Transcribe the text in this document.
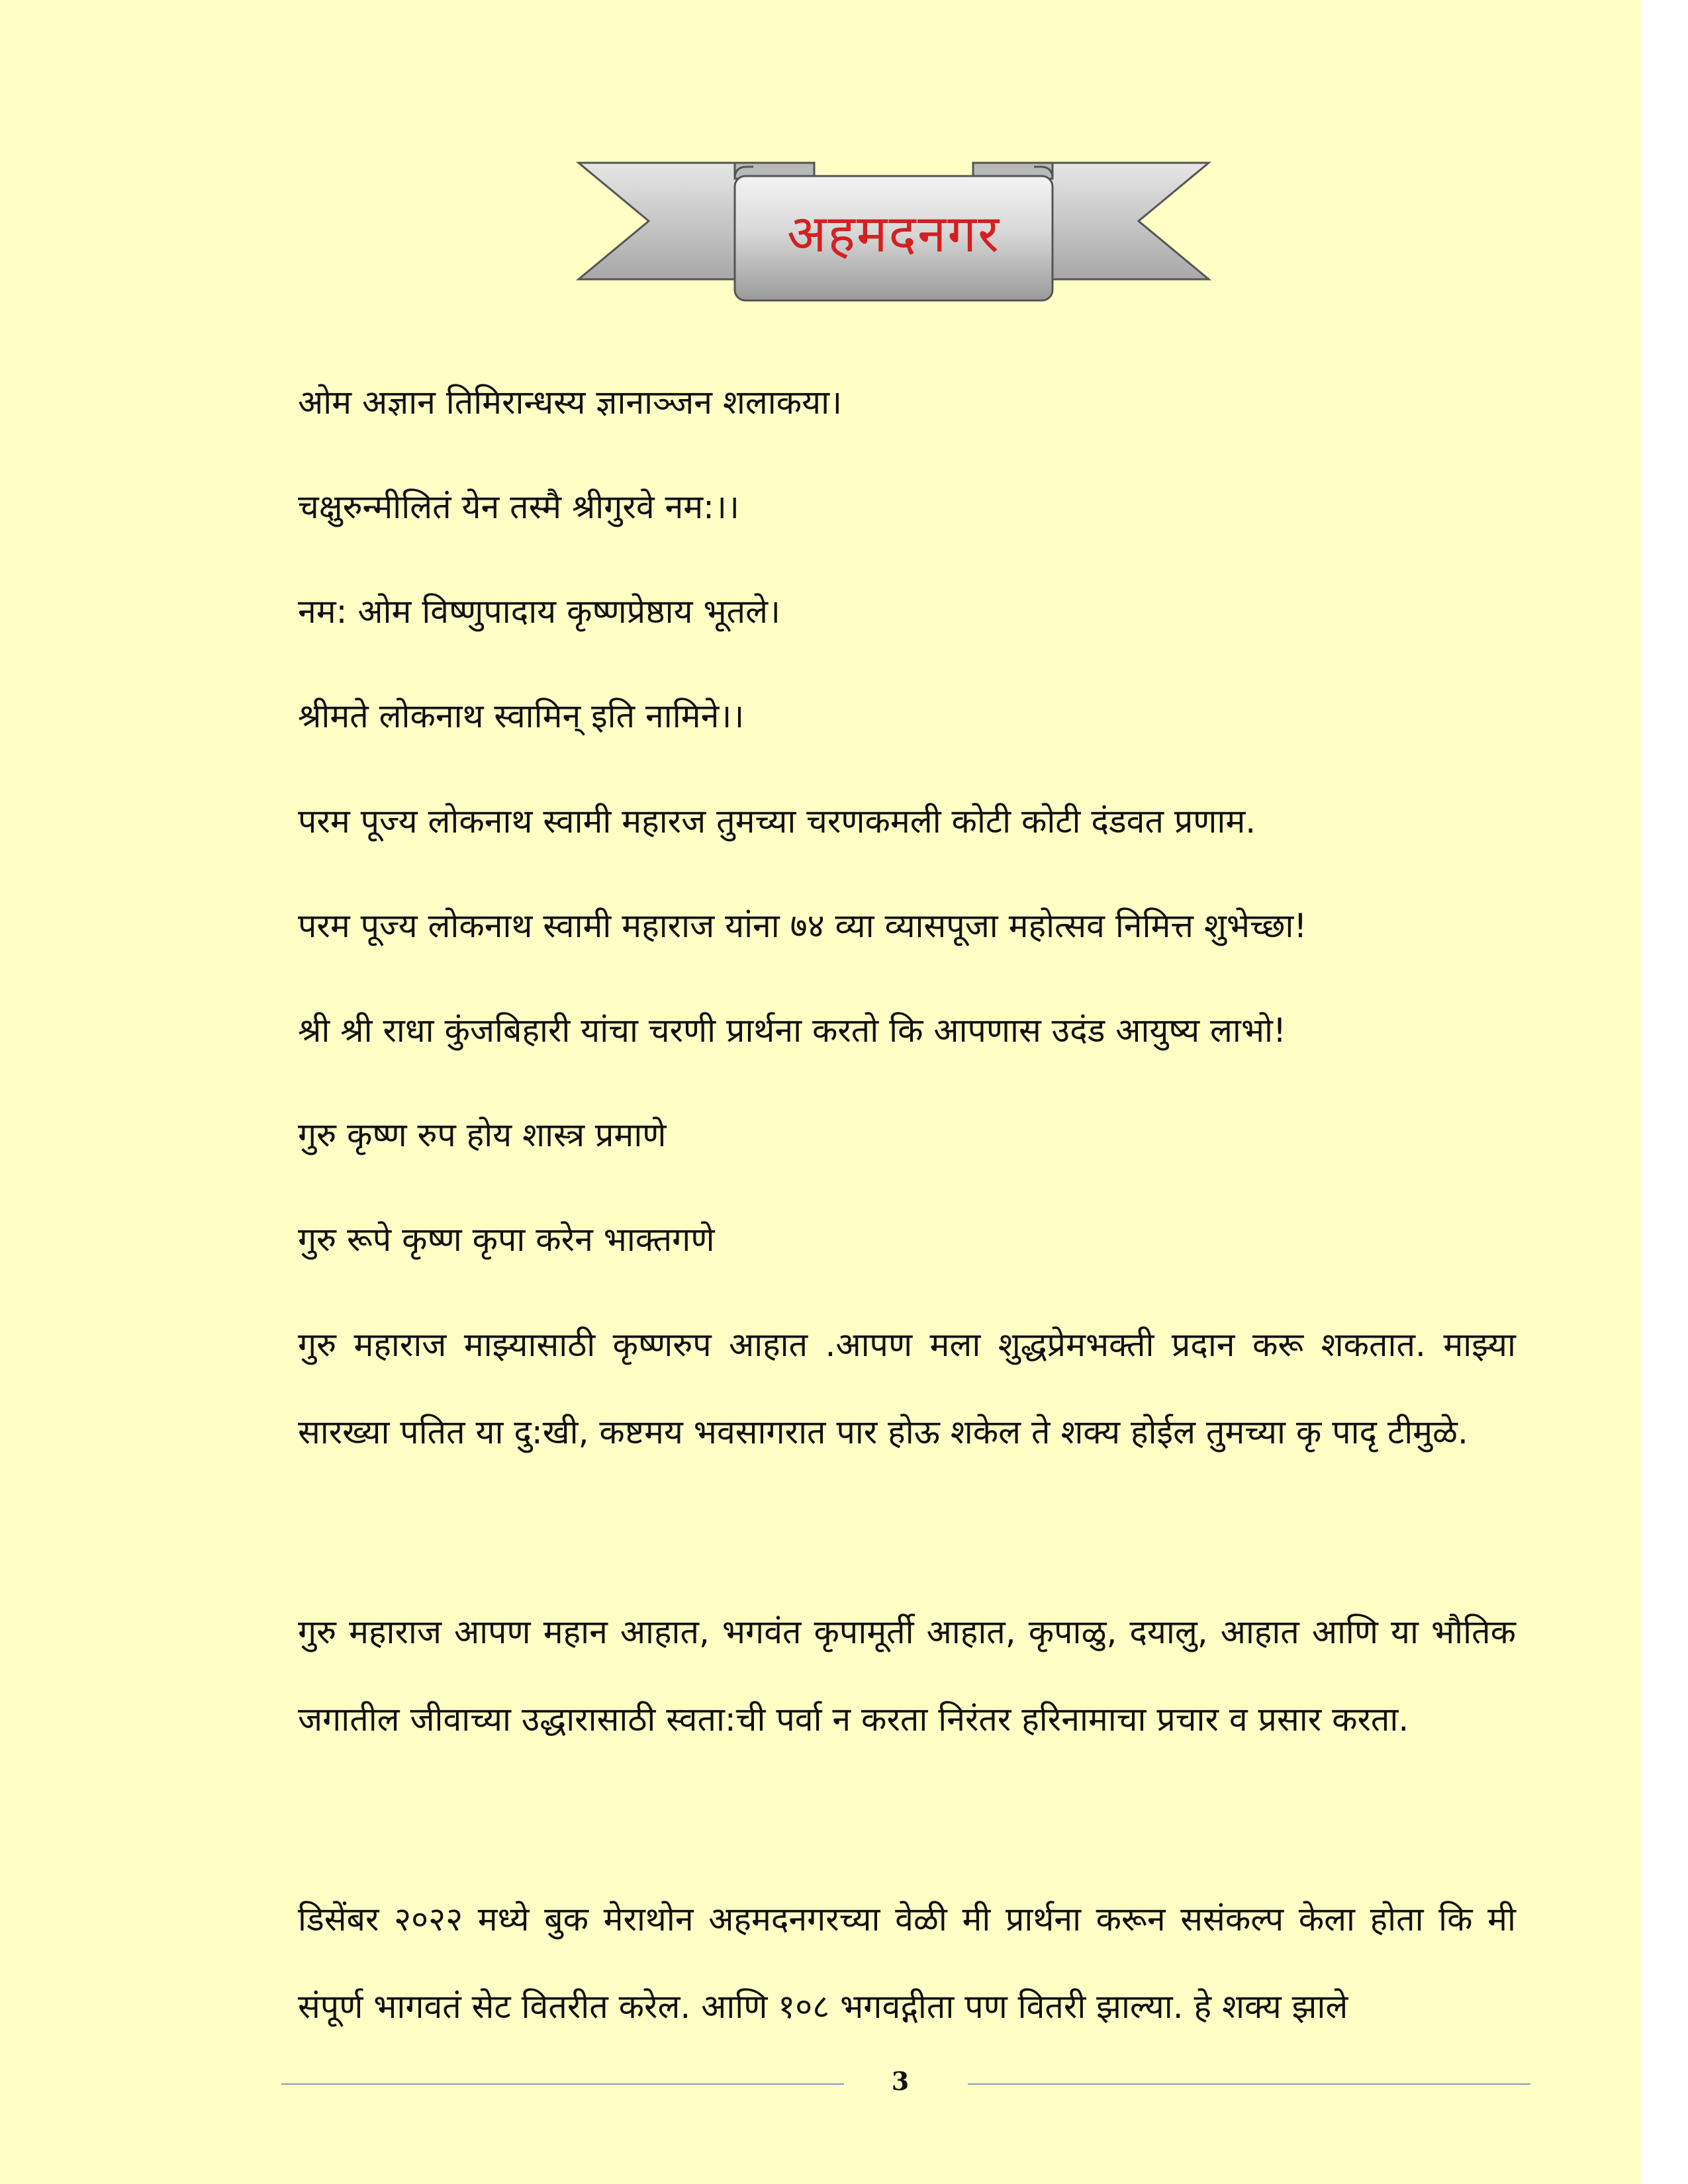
अहमदनगर
ओम अज्ञान तिमिरान्धस्य ज्ञानाञ्जन शलाकया।
चक्षुरुन्मीलितं येन तस्मै श्रीगुरवे नम:।।
नम: ओम विष्णुपादाय कृष्णप्रेष्ठाय भूतले।
श्रीमते लोकनाथ स्वामिन् इति नामिने।।
परम पूज्य लोकनाथ स्वामी महारज तुमच्या चरणकमली कोटी कोटी दंडवत प्रणाम.
परम पूज्य लोकनाथ स्वामी महाराज यांना ७४ व्या व्यासपूजा महोत्सव निमित्त शुभेच्छा!
श्री श्री राधा कुंजबिहारी यांचा चरणी प्रार्थना करतो कि आपणास उदंड आयुष्य लाभो!
गुरु कृष्ण रुप होय शास्त्र प्रमाणे
गुरु रूपे कृष्ण कृपा करेन भाक्तगणे
गुरु महाराज माझ्यासाठी कृष्णरुप आहात .आपण मला शुद्धप्रेमभक्ती प्रदान करू शकतात. माझ्या सारख्या पतित या दु:खी, कष्टमय भवसागरात पार होऊ शकेल ते शक्य होईल तुमच्या कृ पादृ टीमुळे.
गुरु महाराज आपण महान आहात, भगवंत कृपामूर्ती आहात, कृपाळु, दयालु, आहात आणि या भौतिक जगातील जीवाच्या उद्धारासाठी स्वता:ची पर्वा न करता निरंतर हरिनामाचा प्रचार व प्रसार करता.
डिसेंबर २०२२ मध्ये बुक मेराथोन अहमदनगरच्या वेळी मी प्रार्थना करून ससंकल्प केला होता कि मी संपूर्ण भागवतं सेट वितरीत करेल. आणि १०८ भगवद्गीता पण वितरी झाल्या. हे शक्य झाले
3
